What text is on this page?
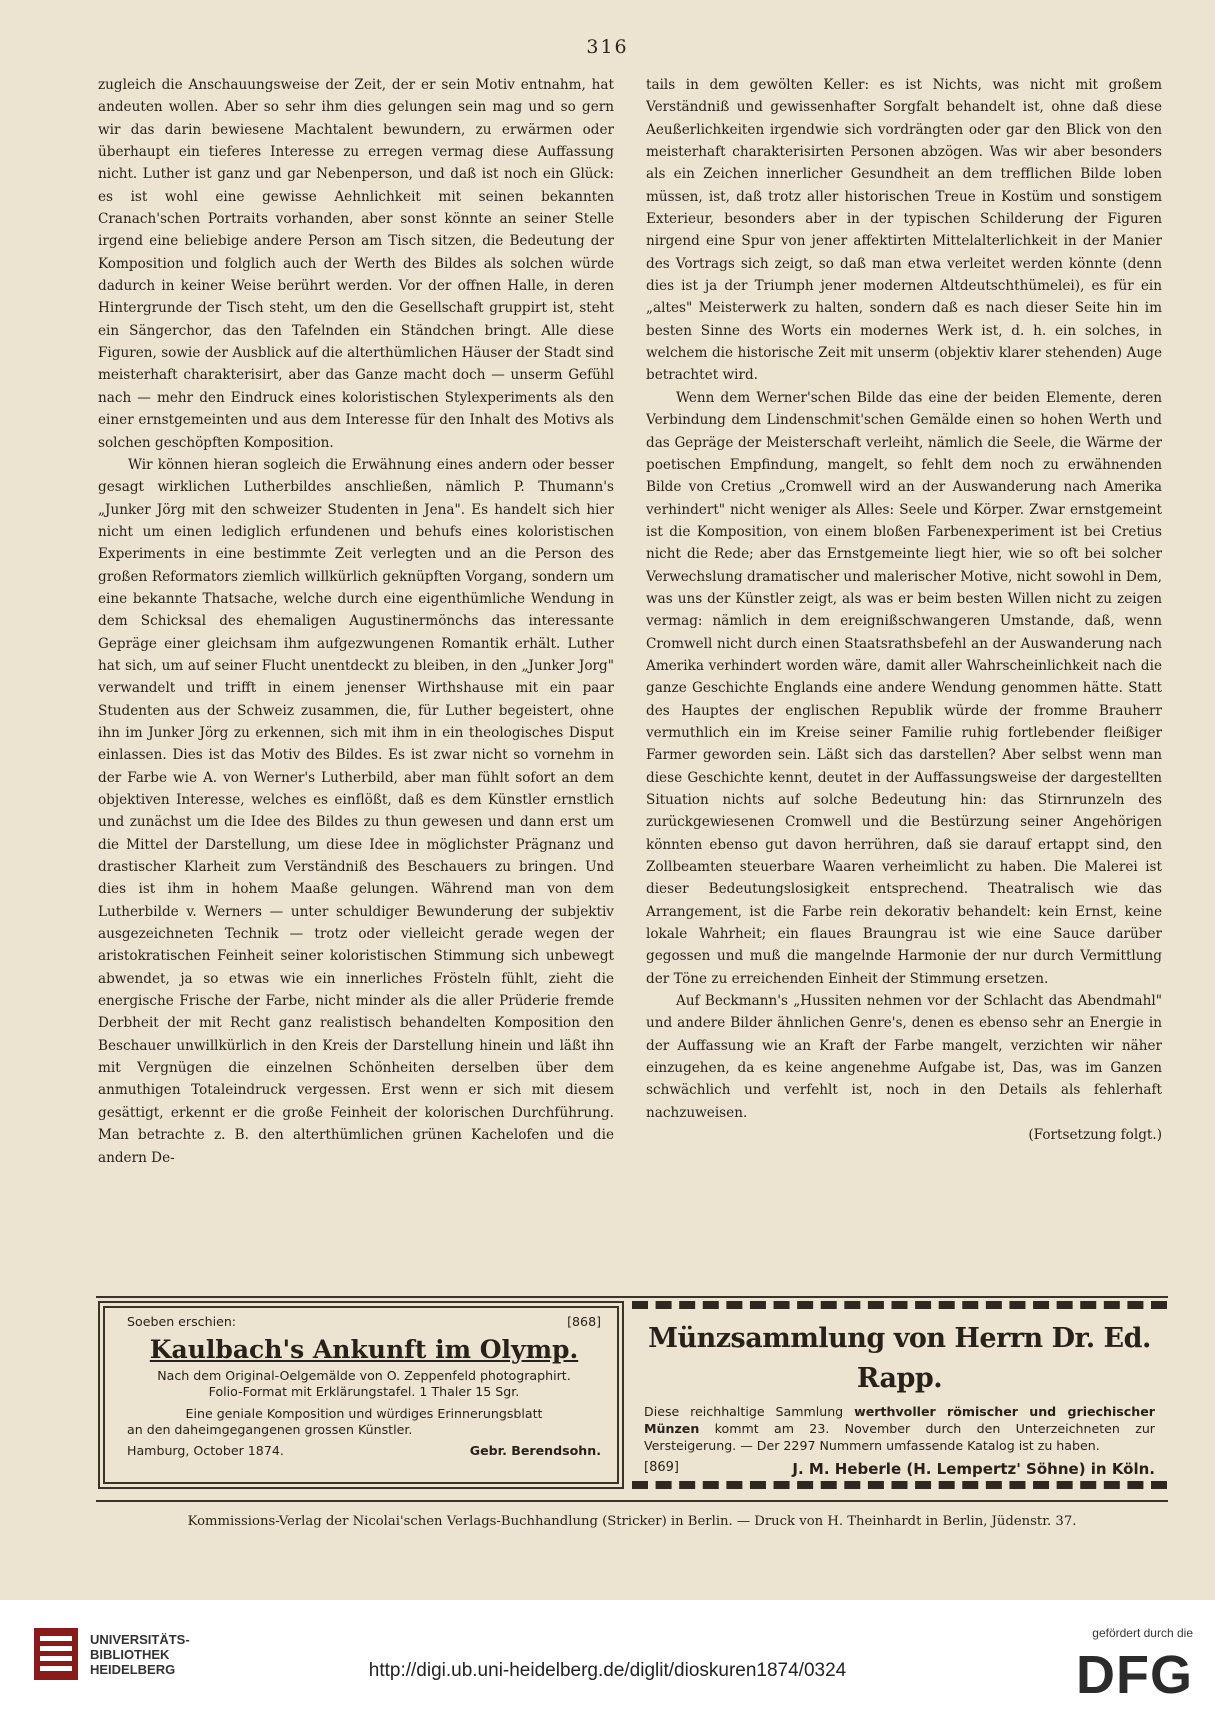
316

zugleich die Anschauungsweise der Zeit, der er sein Motiv entnahm, hat andeuten wollen. Aber so sehr ihm dies gelungen sein mag und so gern wir das darin bewiesene Machtalent bewundern, zu erwärmen oder überhaupt ein tieferes Interesse zu erregen vermag diese Auffassung nicht. Luther ist ganz und gar Nebenperson, und daß ist noch ein Glück: es ist wohl eine gewisse Aehnlichkeit mit seinen bekannten Cranach'schen Portraits vorhanden, aber sonst könnte an seiner Stelle irgend eine beliebige andere Person am Tisch sitzen, die Bedeutung der Komposition und folglich auch der Werth des Bildes als solchen würde dadurch in keiner Weise berührt werden. Vor der offnen Halle, in deren Hintergrunde der Tisch steht, um den die Gesellschaft gruppirt ist, steht ein Sängerchor, das den Tafelnden ein Ständchen bringt. Alle diese Figuren, sowie der Ausblick auf die alterthümlichen Häuser der Stadt sind meisterhaft charakterisirt, aber das Ganze macht doch — unserm Gefühl nach — mehr den Eindruck eines koloristischen Stylexperiments als den einer ernstgemeinten und aus dem Interesse für den Inhalt des Motivs als solchen geschöpften Komposition.

Wir können hieran sogleich die Erwähnung eines andern oder besser gesagt wirklichen Lutherbildes anschließen, nämlich P. Thumann's „Junker Jörg mit den schweizer Studenten in Jena". Es handelt sich hier nicht um einen lediglich erfundenen und behufs eines koloristischen Experiments in eine bestimmte Zeit verlegten und an die Person des großen Reformators ziemlich willkürlich geknüpften Vorgang, sondern um eine bekannte Thatsache, welche durch eine eigenthümliche Wendung in dem Schicksal des ehemaligen Augustinermönchs das interessante Gepräge einer gleichsam ihm aufgezwungenen Romantik erhält. Luther hat sich, um auf seiner Flucht unentdeckt zu bleiben, in den „Junker Jorg" verwandelt und trifft in einem jenenser Wirthshause mit ein paar Studenten aus der Schweiz zusammen, die, für Luther begeistert, ohne ihn im Junker Jörg zu erkennen, sich mit ihm in ein theologisches Disput einlassen. Dies ist das Motiv des Bildes. Es ist zwar nicht so vornehm in der Farbe wie A. von Werner's Lutherbild, aber man fühlt sofort an dem objektiven Interesse, welches es einflößt, daß es dem Künstler ernstlich und zunächst um die Idee des Bildes zu thun gewesen und dann erst um die Mittel der Darstellung, um diese Idee in möglichster Prägnanz und drastischer Klarheit zum Verständniß des Beschauers zu bringen. Und dies ist ihm in hohem Maaße gelungen. Während man von dem Lutherbilde v. Werners — unter schuldiger Bewunderung der subjektiv ausgezeichneten Technik — trotz oder vielleicht gerade wegen der aristokratischen Feinheit seiner koloristischen Stimmung sich unbewegt abwendet, ja so etwas wie ein innerliches Frösteln fühlt, zieht die energische Frische der Farbe, nicht minder als die aller Prüderie fremde Derbheit der mit Recht ganz realistisch behandelten Komposition den Beschauer unwillkürlich in den Kreis der Darstellung hinein und läßt ihn mit Vergnügen die einzelnen Schönheiten derselben über dem anmuthigen Totaleindruck vergessen. Erst wenn er sich mit diesem gesättigt, erkennt er die große Feinheit der kolorischen Durchführung. Man betrachte z. B. den alterthümlichen grünen Kachelofen und die andern De-

tails in dem gewölten Keller: es ist Nichts, was nicht mit großem Verständniß und gewissenhafter Sorgfalt behandelt ist, ohne daß diese Aeußerlichkeiten irgendwie sich vordrängten oder gar den Blick von den meisterhaft charakterisirten Personen abzögen. Was wir aber besonders als ein Zeichen innerlicher Gesundheit an dem trefflichen Bilde loben müssen, ist, daß trotz aller historischen Treue in Kostüm und sonstigem Exterieur, besonders aber in der typischen Schilderung der Figuren nirgend eine Spur von jener affektirten Mittelalterlichkeit in der Manier des Vortrags sich zeigt, so daß man etwa verleitet werden könnte (denn dies ist ja der Triumph jener modernen Altdeutschthümelei), es für ein „altes" Meisterwerk zu halten, sondern daß es nach dieser Seite hin im besten Sinne des Worts ein modernes Werk ist, d. h. ein solches, in welchem die historische Zeit mit unserm (objektiv klarer stehenden) Auge betrachtet wird.

Wenn dem Werner'schen Bilde das eine der beiden Elemente, deren Verbindung dem Lindenschmit'schen Gemälde einen so hohen Werth und das Gepräge der Meisterschaft verleiht, nämlich die Seele, die Wärme der poetischen Empfindung, mangelt, so fehlt dem noch zu erwähnenden Bilde von Cretius „Cromwell wird an der Auswanderung nach Amerika verhindert" nicht weniger als Alles: Seele und Körper. Zwar ernstgemeint ist die Komposition, von einem bloßen Farbenexperiment ist bei Cretius nicht die Rede; aber das Ernstgemeinte liegt hier, wie so oft bei solcher Verwechslung dramatischer und malerischer Motive, nicht sowohl in Dem, was uns der Künstler zeigt, als was er beim besten Willen nicht zu zeigen vermag: nämlich in dem ereignißschwangeren Umstande, daß, wenn Cromwell nicht durch einen Staatsrathsbefehl an der Auswanderung nach Amerika verhindert worden wäre, damit aller Wahrscheinlichkeit nach die ganze Geschichte Englands eine andere Wendung genommen hätte. Statt des Hauptes der englischen Republik würde der fromme Brauherr vermuthlich ein im Kreise seiner Familie ruhig fortlebender fleißiger Farmer geworden sein. Läßt sich das darstellen? Aber selbst wenn man diese Geschichte kennt, deutet in der Auffassungsweise der dargestellten Situation nichts auf solche Bedeutung hin: das Stirnrunzeln des zurückgewiesenen Cromwell und die Bestürzung seiner Angehörigen könnten ebenso gut davon herrühren, daß sie darauf ertappt sind, den Zollbeamten steuerbare Waaren verheimlicht zu haben. Die Malerei ist dieser Bedeutungslosigkeit entsprechend. Theatralisch wie das Arrangement, ist die Farbe rein dekorativ behandelt: kein Ernst, keine lokale Wahrheit; ein flaues Braungrau ist wie eine Sauce darüber gegossen und muß die mangelnde Harmonie der nur durch Vermittlung der Töne zu erreichenden Einheit der Stimmung ersetzen.

Auf Beckmann's „Hussiten nehmen vor der Schlacht das Abendmahl" und andere Bilder ähnlichen Genre's, denen es ebenso sehr an Energie in der Auffassung wie an Kraft der Farbe mangelt, verzichten wir näher einzugehen, da es keine angenehme Aufgabe ist, Das, was im Ganzen schwächlich und verfehlt ist, noch in den Details als fehlerhaft nachzuweisen.

(Fortsetzung folgt.)

Soeben erschien:	[868]
Kaulbach's Ankunft im Olymp.
Nach dem Original-Oelgemälde von O. Zeppenfeld photographirt.
Folio-Format mit Erklärungstafel. 1 Thaler 15 Sgr.
Eine geniale Komposition und würdiges Erinnerungsblatt
an den daheimgegangenen grossen Künstler.
Hamburg, October 1874.	Gebr. Berendsohn.
Münzsammlung von Herrn Dr. Ed. Rapp.
Diese reichhaltige Sammlung werthvoller römischer und griechischer Münzen kommt am 23. November durch den Unterzeichneten zur Versteigerung. — Der 2297 Nummern umfassende Katalog ist zu haben.
[869]	J. M. Heberle (H. Lempertz' Söhne) in Köln.
Kommissions-Verlag der Nicolai'schen Verlags-Buchhandlung (Stricker) in Berlin. — Druck von H. Theinhardt in Berlin, Jüdenstr. 37.
UNIVERSITÄTS-
BIBLIOTHEK
HEIDELBERG	http://digi.ub.uni-heidelberg.de/diglit/dioskuren1874/0324
gefördert durch die
DFG
